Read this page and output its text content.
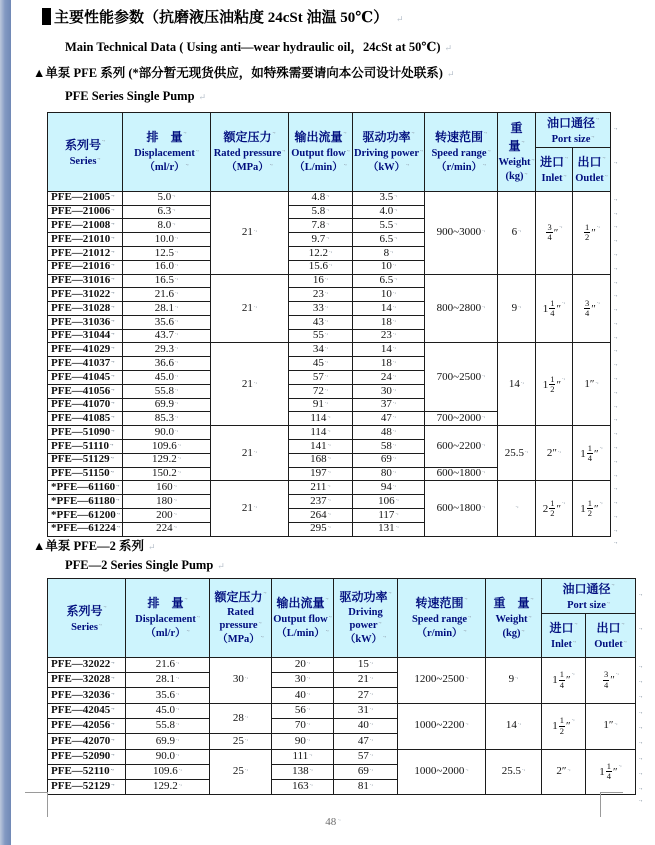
主要性能参数（抗磨液压油粘度 24cSt 油温 50℃） ↵
Main Technical Data ( Using anti—wear hydraulic oil，24cSt at 50℃) ↵
▲单泵 PFE 系列 (*部分暂无现货供应，如特殊需要请向本公司设计处联系) ↵
PFE Series Single Pump ↵
系列号 .,
Series .,	排　量 .,
Displacement .,
（ml/r） .,	额定压力 .,
Rated pressure .,
（MPa） .,	输出流量 .,
Output flow .,
（L/min） .,	驱动功率 .,
Driving power .,
（kW） .,	转速范围 .,
Speed range .,
（r/min） .,	重　量 .,
Weight .,
(kg) .,	油口通径 .,
Port size .,

							进口 .,
Inlet .,	出口 .,
Outlet .,

PFE—21005 .,	5.0 .,	21 .,	4.8 .,	3.5 .,	900~3000 .,	6 .,	$\frac{3}{4}$ ″ .,	$\frac{1}{2}$ ″ .,
PFE—21006 .,	6.3 .,		5.8 .,	4.0 .,
PFE—21008 .,	8.0 .,		7.8 .,	5.5 .,
PFE—21010 .,	10.0 .,		9.7 .,	6.5 .,
PFE—21012 .,	12.5 .,		12.2 .,	8 .,
PFE—21016 .,	16.0 .,		15.6 .,	10 .,
PFE—31016 .,	16.5 .,	21 .,	16 .,	6.5 .,	800~2800 .,	9 .,	$1 \frac{1}{4}$ ″ .,	$\frac{3}{4}$ ″ .,
PFE—31022 .,	21.6 .,		23 .,	10 .,
PFE—31028 .,	28.1 .,		33 .,	14 .,
PFE—31036 .,	35.6 .,		43 .,	18 .,
PFE—31044 .,	43.7 .,		55 .,	23 .,
PFE—41029 .,	29.3 .,	21 .,	34 .,	14 .,	700~2500 .,	14 .,	$1 \frac{1}{2}$ ″ .,	1″ .,
PFE—41037 .,	36.6 .,		45 .,	18 .,
PFE—41045 .,	45.0 .,		57 .,	24 .,
PFE—41056 .,	55.8 .,		72 .,	30 .,
PFE—41070 .,	69.9 .,		91 .,	37 .,
PFE—41085 .,	85.3 .,		114 .,	47 .,	700~2000 .,
PFE—51090 .,	90.0 .,	21 .,	114 .,	48 .,	600~2200 .,	25.5 .,	2″ .,	$1 \frac{1}{4}$ ″ .,
PFE—51110 .,	109.6 .,		141 .,	58 .,
PFE—51129 .,	129.2 .,		168 .,	69 .,
PFE—51150 .,	150.2 .,		197 .,	80 .,	600~1800 .,
*PFE—61160 .,	160 .,	21 .,	211 .,	94 .,	600~1800 .,	.,	$2 \frac{1}{2}$ ″ .,	$1 \frac{1}{2}$ ″ .,
*PFE—61180 .,	180 .,		237 .,	106 .,
*PFE—61200 .,	200 .,		264 .,	117 .,
*PFE—61224 .,	224 .,		295 .,	131 .,
.,
.,
.,
.,
.,
.,
.,
.,
.,
.,
.,
.,
.,
.,
.,
.,
.,
.,
.,
.,
.,
.,
.,
.,
.,
.,
.,
.,
▲单泵 PFE—2 系列 ↵
PFE—2 Series Single Pump ↵
系列号 .,
Series .,	排　量 .,
Displacement .,
（ml/r） .,	额定压力 .,
Rated pressure .,
（MPa） .,	输出流量 .,
Output flow .,
（L/min） .,	驱动功率 .,
Driving power .,
（kW） .,	转速范围 .,
Speed range .,
（r/min） .,	重　量 .,
Weight .,
(kg) .,	油口通径 .,
Port size .,

							进口 .,
Inlet .,	出口 .,
Outlet .,

PFE—32022 .,	21.6 .,	30 .,	20 .,	15 .,	1200~2500 .,	9 .,	$1 \frac{1}{4}$ ″ .,	$\frac{3}{4}$ ″ .,
PFE—32028 .,	28.1 .,		30 .,	21 .,
PFE—32036 .,	35.6 .,		40 .,	27 .,
PFE—42045 .,	45.0 .,	28 .,	56 .,	31 .,	1000~2200 .,	14 .,	$1 \frac{1}{2}$ ″ .,	1″ .,
PFE—42056 .,	55.8 .,		70 .,	40 .,
PFE—42070 .,	69.9 .,	25 .,	90 .,	47 .,
PFE—52090 .,	90.0 .,	25 .,	111 .,	57 .,	1000~2000 .,	25.5 .,	2″ .,	$1 \frac{1}{4}$ ″ .,
PFE—52110 .,	109.6 .,		138 .,	69 .,
PFE—52129 .,	129.2 .,		163 .,	81 .,
.,
.,
.,
.,
.,
.,
.,
.,
.,
.,
.,
.,
48 .,
